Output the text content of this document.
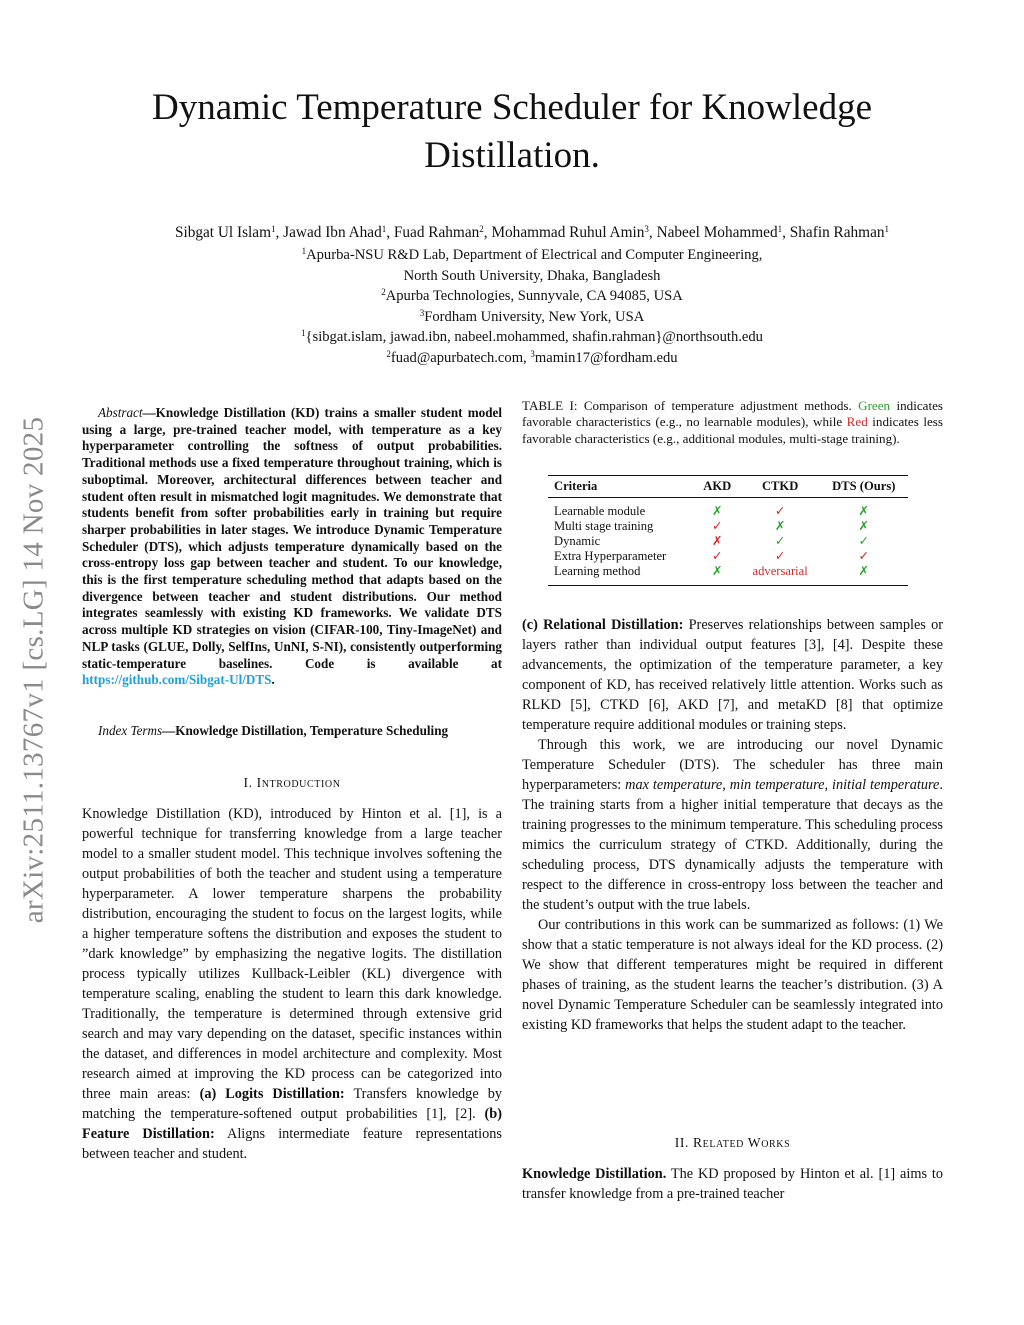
arXiv:2511.13767v1 [cs.LG] 14 Nov 2025
Dynamic Temperature Scheduler for Knowledge
Distillation.
Sibgat Ul Islam$^1$, Jawad Ibn Ahad$^1$, Fuad Rahman$^2$, Mohammad Ruhul Amin$^3$, Nabeel Mohammed$^1$, Shafin Rahman$^1$
$^1$Apurba-NSU R&D Lab, Department of Electrical and Computer Engineering,
North South University, Dhaka, Bangladesh
$^2$Apurba Technologies, Sunnyvale, CA 94085, USA
$^3$Fordham University, New York, USA
$^1${sibgat.islam, jawad.ibn, nabeel.mohammed, shafin.rahman}@northsouth.edu
$^2$fuad@apurbatech.com, $^3$mamin17@fordham.edu
Abstract—Knowledge Distillation (KD) trains a smaller student model using a large, pre-trained teacher model, with temperature as a key hyperparameter controlling the softness of output probabilities. Traditional methods use a fixed temperature throughout training, which is suboptimal. Moreover, architectural differences between teacher and student often result in mismatched logit magnitudes. We demonstrate that students benefit from softer probabilities early in training but require sharper probabilities in later stages. We introduce Dynamic Temperature Scheduler (DTS), which adjusts temperature dynamically based on the cross-entropy loss gap between teacher and student. To our knowledge, this is the first temperature scheduling method that adapts based on the divergence between teacher and student distributions. Our method integrates seamlessly with existing KD frameworks. We validate DTS across multiple KD strategies on vision (CIFAR-100, Tiny-ImageNet) and NLP tasks (GLUE, Dolly, SelfIns, UnNI, S-NI), consistently outperforming static-temperature baselines. Code is available at https://github.com/Sibgat-Ul/DTS.
Index Terms—Knowledge Distillation, Temperature Scheduling
I. Introduction

Knowledge Distillation (KD), introduced by Hinton et al. [1], is a powerful technique for transferring knowledge from a large teacher model to a smaller student model. This technique involves softening the output probabilities of both the teacher and student using a temperature hyperparameter. A lower temperature sharpens the probability distribution, encouraging the student to focus on the largest logits, while a higher temperature softens the distribution and exposes the student to ”dark knowledge” by emphasizing the negative logits. The distillation process typically utilizes Kullback-Leibler (KL) divergence with temperature scaling, enabling the student to learn this dark knowledge. Traditionally, the temperature is determined through extensive grid search and may vary depending on the dataset, specific instances within the dataset, and differences in model architecture and complexity. Most research aimed at improving the KD process can be categorized into three main areas: (a) Logits Distillation: Transfers knowledge by matching the temperature-softened output probabilities [1], [2]. (b) Feature Distillation: Aligns intermediate feature representations between teacher and student.

TABLE I: Comparison of temperature adjustment methods. Green indicates favorable characteristics (e.g., no learnable modules), while Red indicates less favorable characteristics (e.g., additional modules, multi-stage training).
Criteria	AKD	CTKD	DTS (Ours)

Learnable module	✗	✓	✗
Multi stage training	✓	✗	✗
Dynamic	✗	✓	✓
Extra Hyperparameter	✓	✓	✓
Learning method	✗	adversarial	✗

(c) Relational Distillation: Preserves relationships between samples or layers rather than individual output features [3], [4]. Despite these advancements, the optimization of the temperature parameter, a key component of KD, has received relatively little attention. Works such as RLKD [5], CTKD [6], AKD [7], and metaKD [8] that optimize temperature require additional modules or training steps.

Through this work, we are introducing our novel Dynamic Temperature Scheduler (DTS). The scheduler has three main hyperparameters: max temperature, min temperature, initial temperature. The training starts from a higher initial temperature that decays as the training progresses to the minimum temperature. This scheduling process mimics the curriculum strategy of CTKD. Additionally, during the scheduling process, DTS dynamically adjusts the temperature with respect to the difference in cross-entropy loss between the teacher and the student’s output with the true labels.

Our contributions in this work can be summarized as follows: (1) We show that a static temperature is not always ideal for the KD process. (2) We show that different temperatures might be required in different phases of training, as the student learns the teacher’s distribution. (3) A novel Dynamic Temperature Scheduler can be seamlessly integrated into existing KD frameworks that helps the student adapt to the teacher.

II. Related Works

Knowledge Distillation. The KD proposed by Hinton et al. [1] aims to transfer knowledge from a pre-trained teacher
